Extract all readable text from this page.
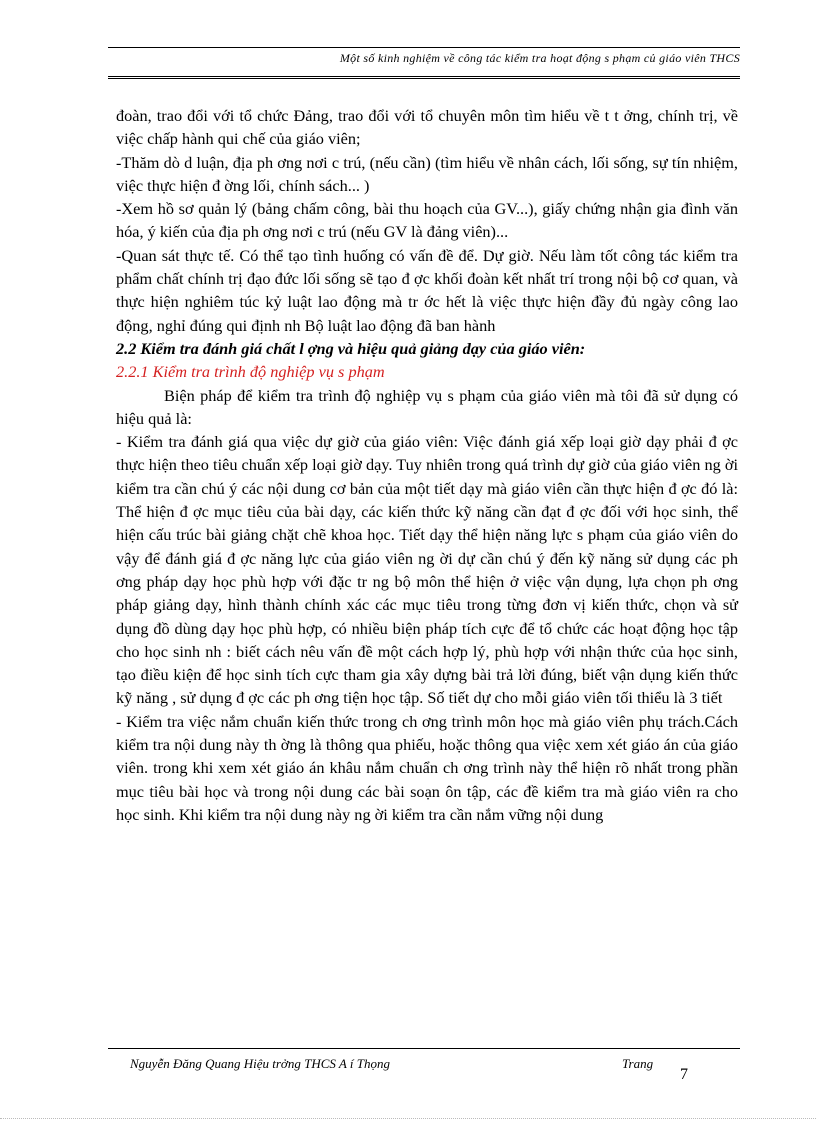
Một số kinh nghiệm về công tác kiểm tra hoạt động s phạm củ giáo viên THCS

đoàn, trao đổi với tổ chức Đảng, trao đổi với tổ chuyên môn tìm hiểu về t t ởng, chính trị, về việc chấp hành qui chế của giáo viên;

-Thăm dò d luận, địa ph ơng nơi c trú, (nếu cần) (tìm hiểu về nhân cách, lối sống, sự tín nhiệm, việc thực hiện đ ờng lối, chính sách... )

-Xem hồ sơ quản lý (bảng chấm công, bài thu hoạch của GV...), giấy chứng nhận gia đình văn hóa, ý kiến của địa ph ơng nơi c trú (nếu GV là đảng viên)...

-Quan sát thực tế. Có thể tạo tình huống có vấn đề để. Dự giờ. Nếu làm tốt công tác kiểm tra phẩm chất chính trị đạo đức lối sống sẽ tạo đ ợc khối đoàn kết nhất trí trong nội bộ cơ quan, và thực hiện nghiêm túc kỷ luật lao động mà tr ớc hết là việc thực hiện đầy đủ ngày công lao động, nghỉ đúng qui định nh Bộ luật lao động đã ban hành

2.2 Kiểm tra đánh giá chất l ợng và hiệu quả giảng dạy của giáo viên:

2.2.1 Kiểm tra trình độ nghiệp vụ s phạm

Biện pháp để kiểm tra trình độ nghiệp vụ s phạm của giáo viên mà tôi đã sử dụng có hiệu quả là:

- Kiểm tra đánh giá qua việc dự giờ của giáo viên: Việc đánh giá xếp loại giờ dạy phải đ ợc thực hiện theo tiêu chuẩn xếp loại giờ dạy. Tuy nhiên trong quá trình dự giờ của giáo viên ng ời kiểm tra cần chú ý các nội dung cơ bản của một tiết dạy mà giáo viên cần thực hiện đ ợc đó là: Thể hiện đ ợc mục tiêu của bài dạy, các kiến thức kỹ năng cần đạt đ ợc đối với học sinh, thể hiện cấu trúc bài giảng chặt chẽ khoa học. Tiết dạy thể hiện năng lực s phạm của giáo viên do vậy để đánh giá đ ợc năng lực của giáo viên ng ời dự cần chú ý đến kỹ năng sử dụng các ph ơng pháp dạy học phù hợp với đặc tr ng bộ môn thể hiện ở việc vận dụng, lựa chọn ph ơng pháp giảng dạy, hình thành chính xác các mục tiêu trong từng đơn vị kiến thức, chọn và sử dụng đồ dùng dạy học phù hợp, có nhiều biện pháp tích cực để tổ chức các hoạt động học tập cho học sinh nh : biết cách nêu vấn đề một cách hợp lý, phù hợp với nhận thức của học sinh, tạo điều kiện để học sinh tích cực tham gia xây dựng bài trả lời đúng, biết vận dụng kiến thức kỹ năng , sử dụng đ ợc các ph ơng tiện học tập. Số tiết dự cho mỗi giáo viên tối thiểu là 3 tiết

- Kiểm tra việc nắm chuẩn kiến thức trong ch ơng trình môn học mà giáo viên phụ trách.Cách kiểm tra nội dung này th ờng là thông qua phiếu, hoặc thông qua việc xem xét giáo án của giáo viên. trong khi xem xét giáo án khâu nắm chuẩn ch ơng trình này thể hiện rõ nhất trong phần mục tiêu bài học và trong nội dung các bài soạn ôn tập, các đề kiểm tra mà giáo viên ra cho học sinh. Khi kiểm tra nội dung này ng ời kiểm tra cần nắm vững nội dung

Nguyễn Đăng Quang Hiệu trởng THCS A í Thọng	Trang
7
